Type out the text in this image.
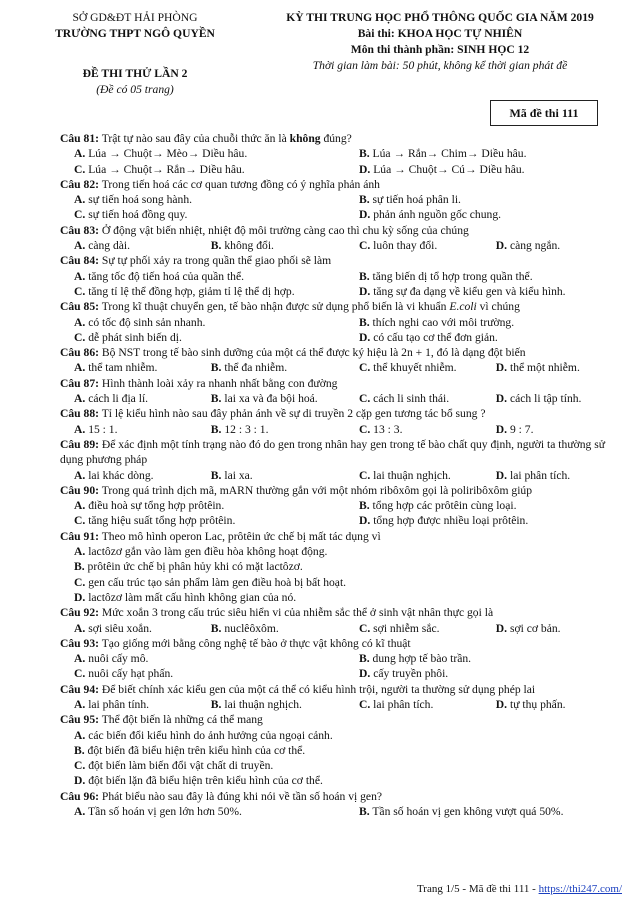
SỞ GD&ĐT HẢI PHÒNG
TRƯỜNG THPT NGÔ QUYỀN
KỲ THI TRUNG HỌC PHỔ THÔNG QUỐC GIA NĂM 2019
Bài thi: KHOA HỌC TỰ NHIÊN
Môn thi thành phần: SINH HỌC 12
Thời gian làm bài: 50 phút, không kể thời gian phát đề
ĐỀ THI THỬ LẦN 2
(Đề có 05 trang)
Mã đề thi 111
Câu 81: Trật tự nào sau đây của chuỗi thức ăn là không đúng?
A. Lúa → Chuột→ Mèo→ Diều hâu.	B. Lúa → Rắn→ Chim→ Diều hâu.
C. Lúa → Chuột→ Rắn→ Diều hâu.	D. Lúa → Chuột→ Cú→ Diều hâu.
Câu 82: Trong tiến hoá các cơ quan tương đồng có ý nghĩa phản ánh
A. sự tiến hoá song hành.	B. sự tiến hoá phân li.
C. sự tiến hoá đồng quy.	D. phản ánh nguồn gốc chung.
Câu 83: Ở động vật biến nhiệt, nhiệt độ môi trường càng cao thì chu kỳ sống của chúng
A. càng dài.	B. không đổi.	C. luôn thay đổi.	D. càng ngắn.
Câu 84: Sự tự phối xảy ra trong quần thể giao phối sẽ làm
A. tăng tốc độ tiến hoá của quần thể.	B. tăng biến dị tổ hợp trong quần thể.
C. tăng tỉ lệ thể đồng hợp, giảm tỉ lệ thể dị hợp.	D. tăng sự đa dạng về kiểu gen và kiểu hình.
Câu 85: Trong kĩ thuật chuyển gen, tế bào nhận được sử dụng phổ biến là vi khuẩn E.coli vì chúng
A. có tốc độ sinh sản nhanh.	B. thích nghi cao với môi trường.
C. dễ phát sinh biến dị.	D. có cấu tạo cơ thể đơn giản.
Câu 86: Bộ NST trong tế bào sinh dưỡng của một cá thể được ký hiệu là 2n + 1, đó là dạng đột biến
A. thể tam nhiễm.	B. thể đa nhiễm.	C. thể khuyết nhiễm.	D. thể một nhiễm.
Câu 87: Hình thành loài xảy ra nhanh nhất bằng con đường
A. cách li địa lí.	B. lai xa và đa bội hoá.	C. cách li sinh thái.	D. cách li tập tính.
Câu 88: Tỉ lệ kiểu hình nào sau đây phản ánh về sự di truyền 2 cặp gen tương tác bổ sung ?
A. 15 : 1.	B. 12 : 3 : 1.	C. 13 : 3.	D. 9 : 7.
Câu 89: Để xác định một tính trạng nào đó do gen trong nhân hay gen trong tế bào chất quy định, người ta thường sử dụng phương pháp
A. lai khác dòng.	B. lai xa.	C. lai thuận nghịch.	D. lai phân tích.
Câu 90: Trong quá trình dịch mã, mARN thường gắn với một nhóm ribôxôm gọi là poliribôxôm giúp
A. điều hoà sự tổng hợp prôtêin.	B. tổng hợp các prôtêin cùng loại.
C. tăng hiệu suất tổng hợp prôtêin.	D. tổng hợp được nhiều loại prôtêin.
Câu 91: Theo mô hình operon Lac, prôtêin ức chế bị mất tác dụng vì
A. lactôzơ gắn vào làm gen điều hòa không hoạt động.
B. prôtêin ức chế bị phân hủy khi có mặt lactôzơ.
C. gen cấu trúc tạo sản phẩm làm gen điều hoà bị bất hoạt.
D. lactôzơ làm mất cấu hình không gian của nó.
Câu 92: Mức xoắn 3 trong cấu trúc siêu hiển vi của nhiễm sắc thể ở sinh vật nhân thực gọi là
A. sợi siêu xoắn.	B. nuclêôxôm.	C. sợi nhiễm sắc.	D. sợi cơ bản.
Câu 93: Tạo giống mới bằng công nghệ tế bào ở thực vật không có kĩ thuật
A. nuôi cấy mô.	B. dung hợp tế bào trần.
C. nuôi cấy hạt phấn.	D. cấy truyền phôi.
Câu 94: Để biết chính xác kiểu gen của một cá thể có kiểu hình trội, người ta thường sử dụng phép lai
A. lai phân tính.	B. lai thuận nghịch.	C. lai phân tích.	D. tự thụ phấn.
Câu 95: Thể đột biến là những cá thể mang
A. các biến đổi kiểu hình do ảnh hưởng của ngoại cảnh.
B. đột biến đã biểu hiện trên kiểu hình của cơ thể.
C. đột biến làm biến đổi vật chất di truyền.
D. đột biến lặn đã biểu hiện trên kiểu hình của cơ thể.
Câu 96: Phát biểu nào sau đây là đúng khi nói về tần số hoán vị gen?
A. Tần số hoán vị gen lớn hơn 50%.	B. Tần số hoán vị gen không vượt quá 50%.
Trang 1/5 - Mã đề thi 111 - https://thi247.com/
